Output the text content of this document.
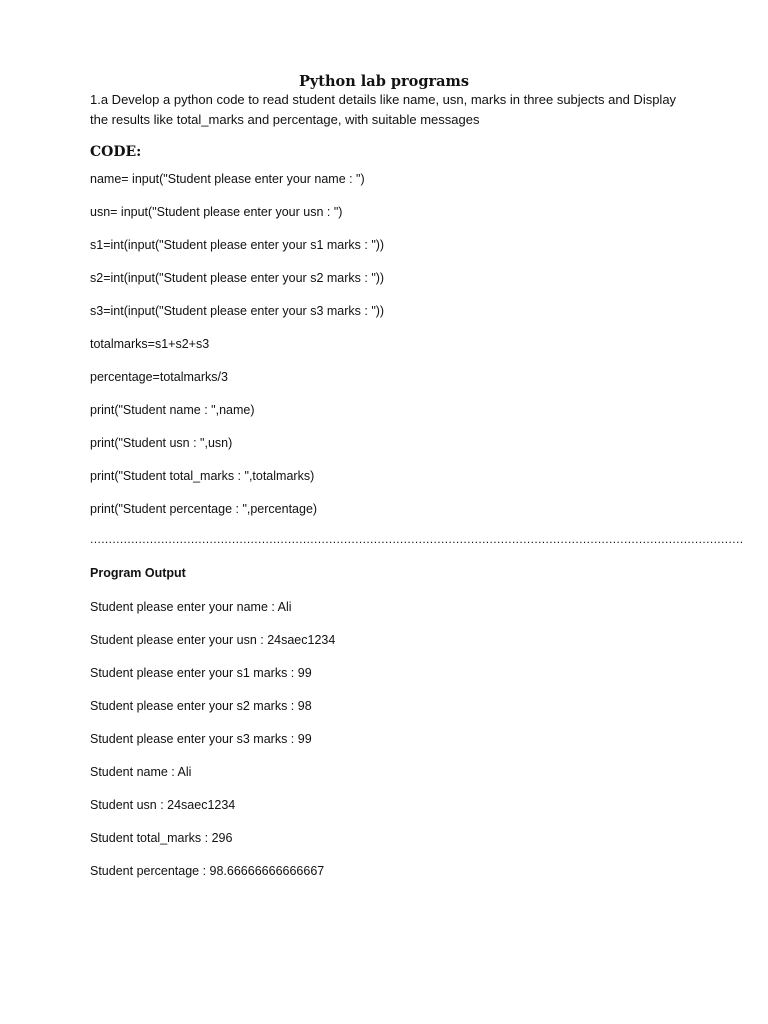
Python lab programs

1.a Develop a python code to read student details like name, usn, marks in three subjects and Display the results like total_marks and percentage, with suitable messages

CODE:

name= input("Student please enter your name : ")

usn= input("Student please enter your usn : ")

s1=int(input("Student please enter your s1 marks : "))

s2=int(input("Student please enter your s2 marks : "))

s3=int(input("Student please enter your s3 marks : "))

totalmarks=s1+s2+s3

percentage=totalmarks/3

print("Student name : ",name)

print("Student usn : ",usn)

print("Student total_marks : ",totalmarks)

print("Student percentage : ",percentage)

...............................................................................................................................................................................
Program Output

Student please enter your name : Ali

Student please enter your usn : 24saec1234

Student please enter your s1 marks : 99

Student please enter your s2 marks : 98

Student please enter your s3 marks : 99

Student name : Ali

Student usn : 24saec1234

Student total_marks : 296

Student percentage : 98.66666666666667
